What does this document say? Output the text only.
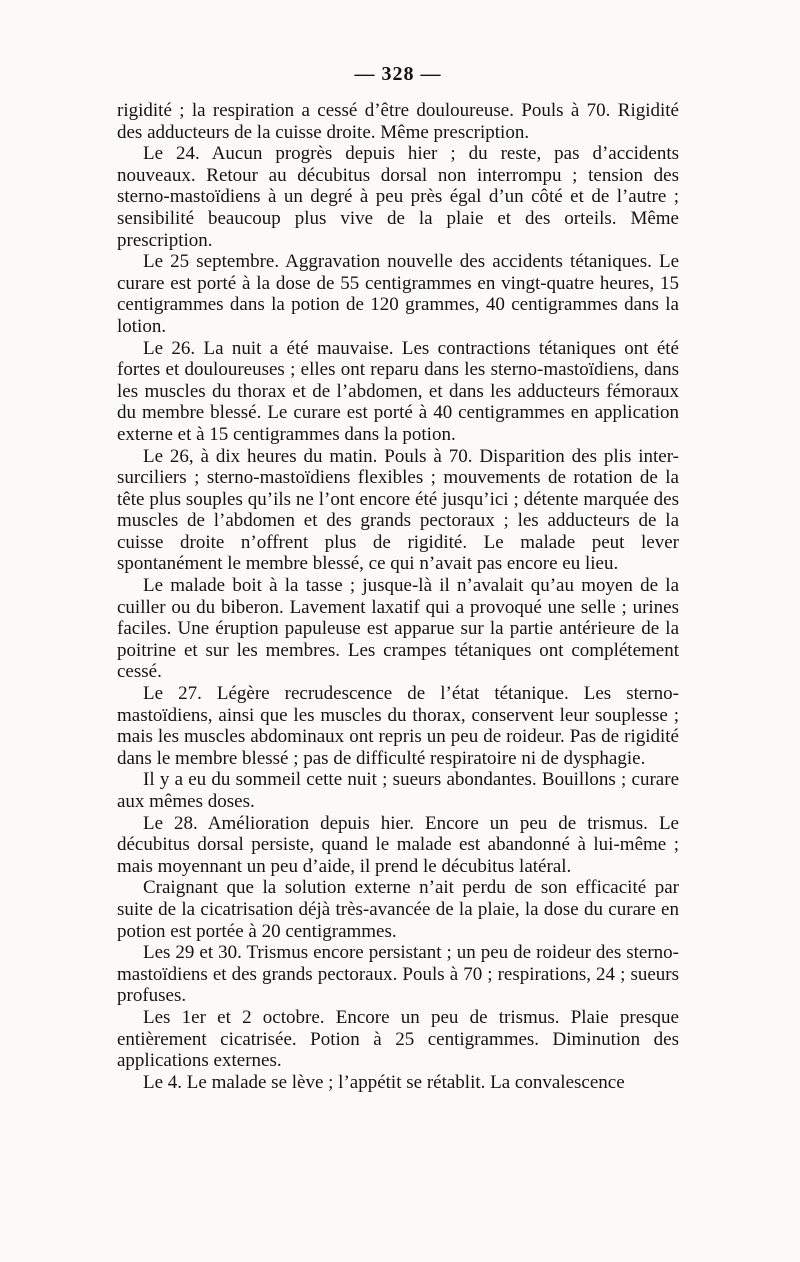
— 328 —

rigidité ; la respiration a cessé d’être douloureuse. Pouls à 70. Rigidité des adducteurs de la cuisse droite. Même prescription.

Le 24. Aucun progrès depuis hier ; du reste, pas d’accidents nouveaux. Retour au décubitus dorsal non interrompu ; tension des sterno-mastoïdiens à un degré à peu près égal d’un côté et de l’autre ; sensibilité beaucoup plus vive de la plaie et des orteils. Même prescription.

Le 25 septembre. Aggravation nouvelle des accidents tétaniques. Le curare est porté à la dose de 55 centigrammes en vingt-quatre heures, 15 centigrammes dans la potion de 120 grammes, 40 centigrammes dans la lotion.

Le 26. La nuit a été mauvaise. Les contractions tétaniques ont été fortes et douloureuses ; elles ont reparu dans les sterno-mastoïdiens, dans les muscles du thorax et de l’abdomen, et dans les adducteurs fémoraux du membre blessé. Le curare est porté à 40 centigrammes en application externe et à 15 centigrammes dans la potion.

Le 26, à dix heures du matin. Pouls à 70. Disparition des plis inter-surciliers ; sterno-mastoïdiens flexibles ; mouvements de rotation de la tête plus souples qu’ils ne l’ont encore été jusqu’ici ; détente marquée des muscles de l’abdomen et des grands pectoraux ; les adducteurs de la cuisse droite n’offrent plus de rigidité. Le malade peut lever spontanément le membre blessé, ce qui n’avait pas encore eu lieu.

Le malade boit à la tasse ; jusque-là il n’avalait qu’au moyen de la cuiller ou du biberon. Lavement laxatif qui a provoqué une selle ; urines faciles. Une éruption papuleuse est apparue sur la partie antérieure de la poitrine et sur les membres. Les crampes tétaniques ont complétement cessé.

Le 27. Légère recrudescence de l’état tétanique. Les sterno-mastoïdiens, ainsi que les muscles du thorax, conservent leur souplesse ; mais les muscles abdominaux ont repris un peu de roideur. Pas de rigidité dans le membre blessé ; pas de difficulté respiratoire ni de dysphagie.

Il y a eu du sommeil cette nuit ; sueurs abondantes. Bouillons ; curare aux mêmes doses.

Le 28. Amélioration depuis hier. Encore un peu de trismus. Le décubitus dorsal persiste, quand le malade est abandonné à lui-même ; mais moyennant un peu d’aide, il prend le décubitus latéral.

Craignant que la solution externe n’ait perdu de son efficacité par suite de la cicatrisation déjà très-avancée de la plaie, la dose du curare en potion est portée à 20 centigrammes.

Les 29 et 30. Trismus encore persistant ; un peu de roideur des sterno-mastoïdiens et des grands pectoraux. Pouls à 70 ; respirations, 24 ; sueurs profuses.

Les 1er et 2 octobre. Encore un peu de trismus. Plaie presque entièrement cicatrisée. Potion à 25 centigrammes. Diminution des applications externes.

Le 4. Le malade se lève ; l’appétit se rétablit. La convalescence
